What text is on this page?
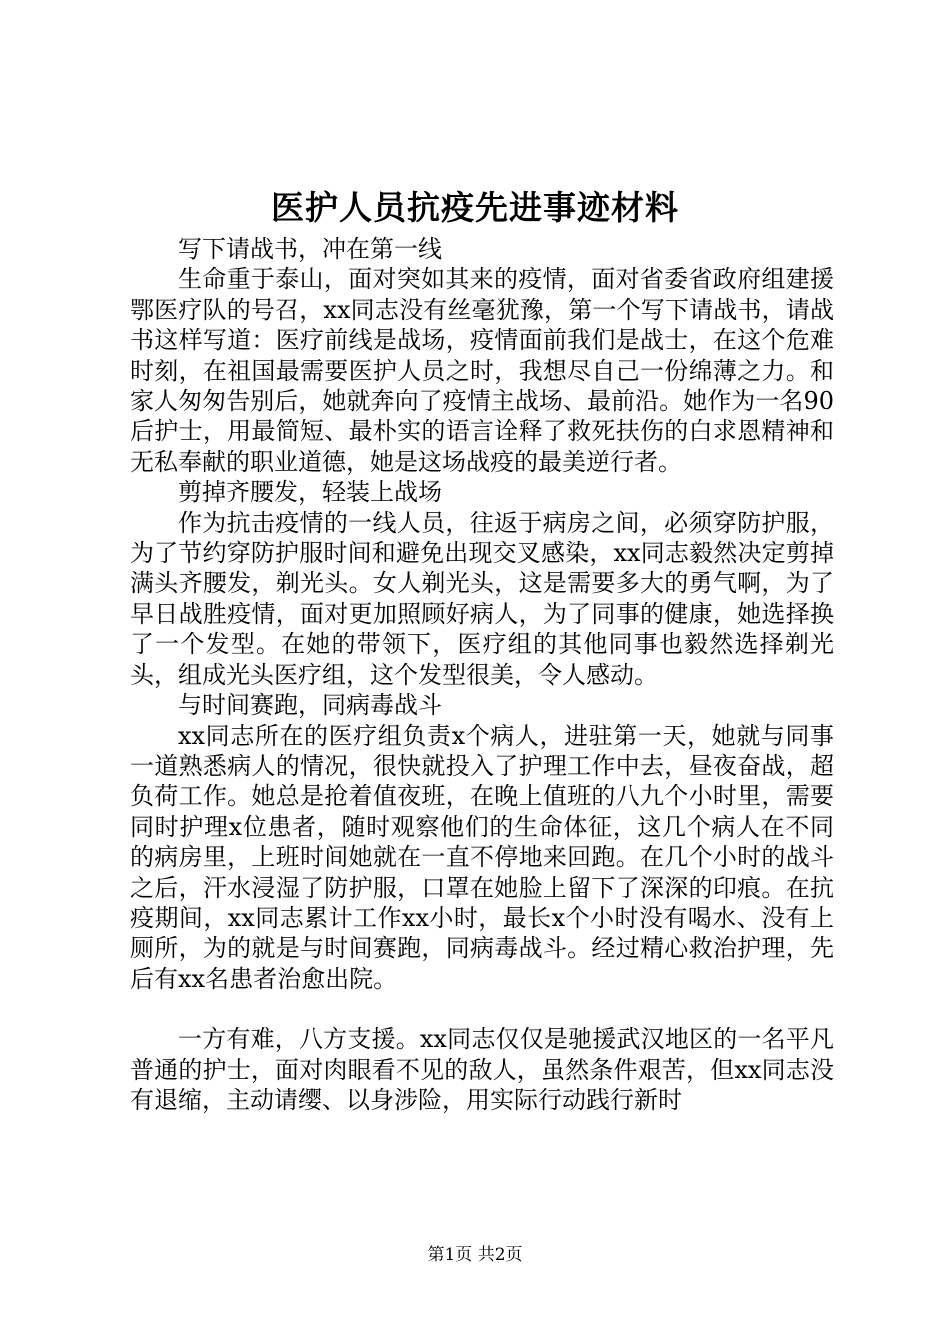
医护人员抗疫先进事迹材料

写下请战书，冲在第一线

生命重于泰山，面对突如其来的疫情，面对省委省政府组建援鄂医疗队的号召，xx同志没有丝毫犹豫，第一个写下请战书，请战书这样写道：医疗前线是战场，疫情面前我们是战士，在这个危难时刻，在祖国最需要医护人员之时，我想尽自己一份绵薄之力。和家人匆匆告别后，她就奔向了疫情主战场、最前沿。她作为一名90后护士，用最简短、最朴实的语言诠释了救死扶伤的白求恩精神和无私奉献的职业道德，她是这场战疫的最美逆行者。

剪掉齐腰发，轻装上战场

作为抗击疫情的一线人员，往返于病房之间，必须穿防护服，为了节约穿防护服时间和避免出现交叉感染，xx同志毅然决定剪掉满头齐腰发，剃光头。女人剃光头，这是需要多大的勇气啊，为了早日战胜疫情，面对更加照顾好病人，为了同事的健康，她选择换了一个发型。在她的带领下，医疗组的其他同事也毅然选择剃光头，组成光头医疗组，这个发型很美，令人感动。

与时间赛跑，同病毒战斗

xx同志所在的医疗组负责x个病人，进驻第一天，她就与同事一道熟悉病人的情况，很快就投入了护理工作中去，昼夜奋战，超负荷工作。她总是抢着值夜班，在晚上值班的八九个小时里，需要同时护理x位患者，随时观察他们的生命体征，这几个病人在不同的病房里，上班时间她就在一直不停地来回跑。在几个小时的战斗之后，汗水浸湿了防护服，口罩在她脸上留下了深深的印痕。在抗疫期间，xx同志累计工作xx小时，最长x个小时没有喝水、没有上厕所，为的就是与时间赛跑，同病毒战斗。经过精心救治护理，先后有xx名患者治愈出院。

一方有难，八方支援。xx同志仅仅是驰援武汉地区的一名平凡普通的护士，面对肉眼看不见的敌人，虽然条件艰苦，但xx同志没有退缩，主动请缨、以身涉险，用实际行动践行新时

第1页 共2页
